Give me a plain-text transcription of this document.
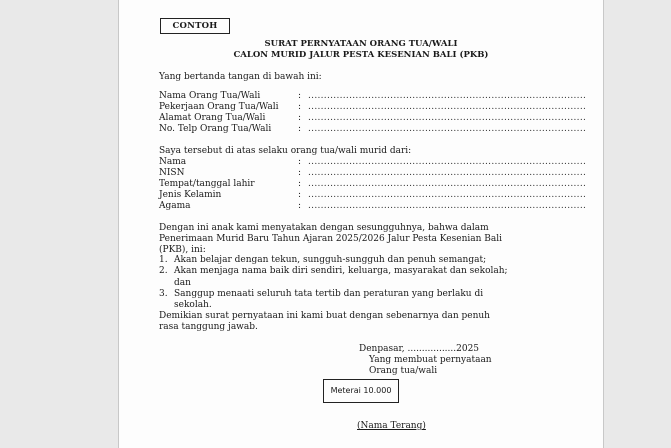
CONTOH
SURAT PERNYATAAN ORANG TUA/WALI
CALON MURID JALUR PESTA KESENIAN BALI (PKB)
Yang bertanda tangan di bawah ini:
Nama Orang Tua/Wali	: ........................................................................................
Pekerjaan Orang Tua/Wali	: ........................................................................................
Alamat Orang Tua/Wali	: ........................................................................................
No. Telp Orang Tua/Wali	: ........................................................................................
Saya tersebut di atas selaku orang tua/wali murid dari:
Nama	: ........................................................................................
NISN	: ........................................................................................
Tempat/tanggal lahir	: ........................................................................................
Jenis Kelamin	: ........................................................................................
Agama	: ........................................................................................
Dengan ini anak kami menyatakan dengan sesungguhnya, bahwa dalam
Penerimaan Murid Baru Tahun Ajaran 2025/2026 Jalur Pesta Kesenian Bali
(PKB), ini:
1. Akan belajar dengan tekun, sungguh-sungguh dan penuh semangat;
2. Akan menjaga nama baik diri sendiri, keluarga, masyarakat dan sekolah; dan
3. Sanggup menaati seluruh tata tertib dan peraturan yang berlaku di sekolah.
Demikian surat pernyataan ini kami buat dengan sebenarnya dan penuh
rasa tanggung jawab.
Denpasar, .................2025
Yang membuat pernyataan
Orang tua/wali
Meterai 10.000
(Nama Terang)
